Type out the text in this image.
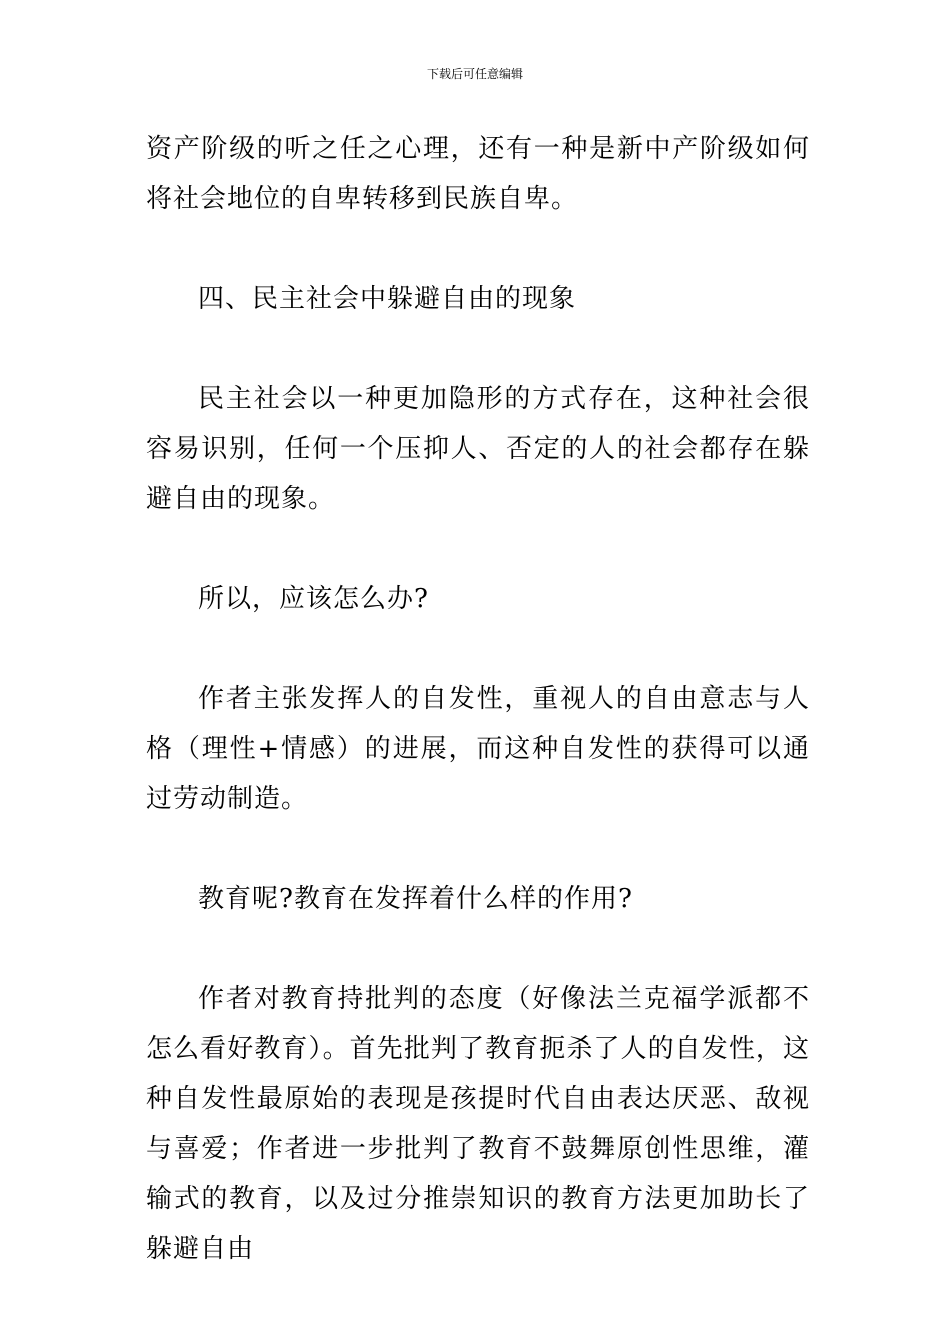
下载后可任意编辑

资产阶级的听之任之心理，还有一种是新中产阶级如何将社会地位的自卑转移到民族自卑。

四、民主社会中躲避自由的现象

民主社会以一种更加隐形的方式存在，这种社会很容易识别，任何一个压抑人、否定的人的社会都存在躲避自由的现象。

所以，应该怎么办?

作者主张发挥人的自发性，重视人的自由意志与人格（理性+情感）的进展，而这种自发性的获得可以通过劳动制造。

教育呢?教育在发挥着什么样的作用?

作者对教育持批判的态度（好像法兰克福学派都不怎么看好教育）。首先批判了教育扼杀了人的自发性，这种自发性最原始的表现是孩提时代自由表达厌恶、敌视与喜爱；作者进一步批判了教育不鼓舞原创性思维，灌输式的教育，以及过分推崇知识的教育方法更加助长了躲避自由
